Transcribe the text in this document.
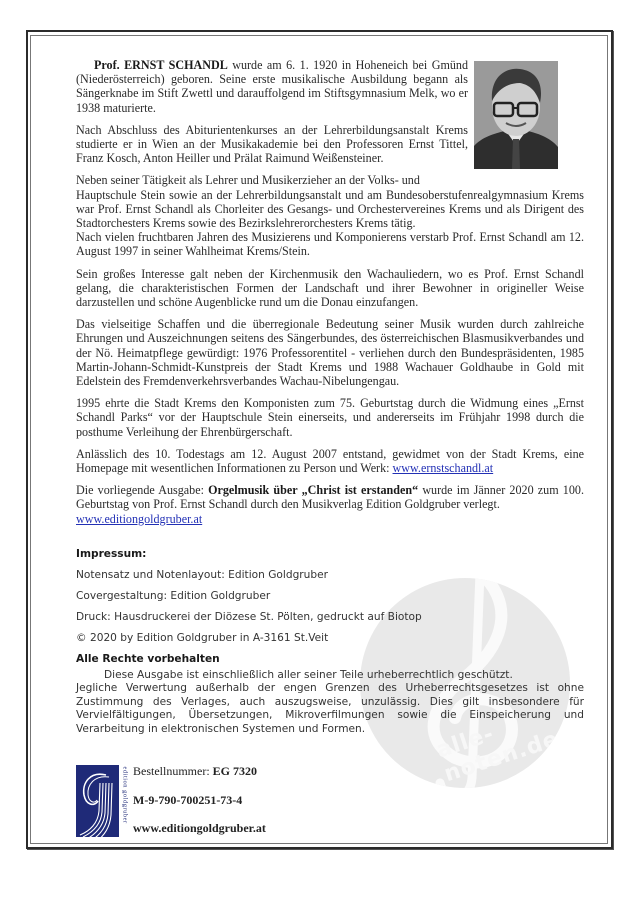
alle-noten.de

Prof. ERNST SCHANDL wurde am 6. 1. 1920 in Hoheneich bei Gmünd (Niederösterreich) geboren. Seine erste musikalische Ausbildung begann als Sängerknabe im Stift Zwettl und darauffolgend im Stiftsgymnasium Melk, wo er 1938 maturierte.

Nach Abschluss des Abiturientenkurses an der Lehrerbildungsanstalt Krems studierte er in Wien an der Musikakademie bei den Professoren Ernst Tittel, Franz Kosch, Anton Heiller und Prälat Raimund Weißensteiner.

Neben seiner Tätigkeit als Lehrer und Musikerzieher an der Volks- und
Hauptschule Stein sowie an der Lehrerbildungsanstalt und am Bundesoberstufenrealgymnasium Krems war Prof. Ernst Schandl als Chorleiter des Gesangs- und Orchestervereines Krems und als Dirigent des Stadtorchesters Krems sowie des Bezirkslehrerorchesters Krems tätig.

Nach vielen fruchtbaren Jahren des Musizierens und Komponierens verstarb Prof. Ernst Schandl am 12. August 1997 in seiner Wahlheimat Krems/Stein.

Sein großes Interesse galt neben der Kirchenmusik den Wachauliedern, wo es Prof. Ernst Schandl gelang, die charakteristischen Formen der Landschaft und ihrer Bewohner in origineller Weise darzustellen und schöne Augenblicke rund um die Donau einzufangen.

Das vielseitige Schaffen und die überregionale Bedeutung seiner Musik wurden durch zahlreiche Ehrungen und Auszeichnungen seitens des Sängerbundes, des österreichischen Blasmusikverbandes und der Nö. Heimatpflege gewürdigt: 1976 Professorentitel - verliehen durch den Bundespräsidenten, 1985 Martin-Johann-Schmidt-Kunstpreis der Stadt Krems und 1988 Wachauer Goldhaube in Gold mit Edelstein des Fremdenverkehrsverbandes Wachau-Nibelungengau.

1995 ehrte die Stadt Krems den Komponisten zum 75. Geburtstag durch die Widmung eines „Ernst Schandl Parks“ vor der Hauptschule Stein einerseits, und andererseits im Frühjahr 1998 durch die posthume Verleihung der Ehrenbürgerschaft.

Anlässlich des 10. Todestags am 12. August 2007 entstand, gewidmet von der Stadt Krems, eine Homepage mit wesentlichen Informationen zu Person und Werk: www.ernstschandl.at

Die vorliegende Ausgabe: Orgelmusik über „Christ ist erstanden“ wurde im Jänner 2020 zum 100. Geburtstag von Prof. Ernst Schandl durch den Musikverlag Edition Goldgruber verlegt.
www.editiongoldgruber.at

Impressum:
Notensatz und Notenlayout: Edition Goldgruber
Covergestaltung: Edition Goldgruber
Druck: Hausdruckerei der Diözese St. Pölten, gedruckt auf Biotop
© 2020 by Edition Goldgruber in A-3161 St.Veit
Alle Rechte vorbehalten
Diese Ausgabe ist einschließlich aller seiner Teile urheberrechtlich geschützt.
Jegliche Verwertung außerhalb der engen Grenzen des Urheberrechtsgesetzes ist ohne Zustimmung des Verlages, auch auszugsweise, unzulässig. Dies gilt insbesondere für Vervielfältigungen, Übersetzungen, Mikroverfilmungen sowie die Einspeicherung und Verarbeitung in elektronischen Systemen und Formen.
edition goldgruber Bestellnummer: EG 7320
M-9-790-700251-73-4
www.editiongoldgruber.at
